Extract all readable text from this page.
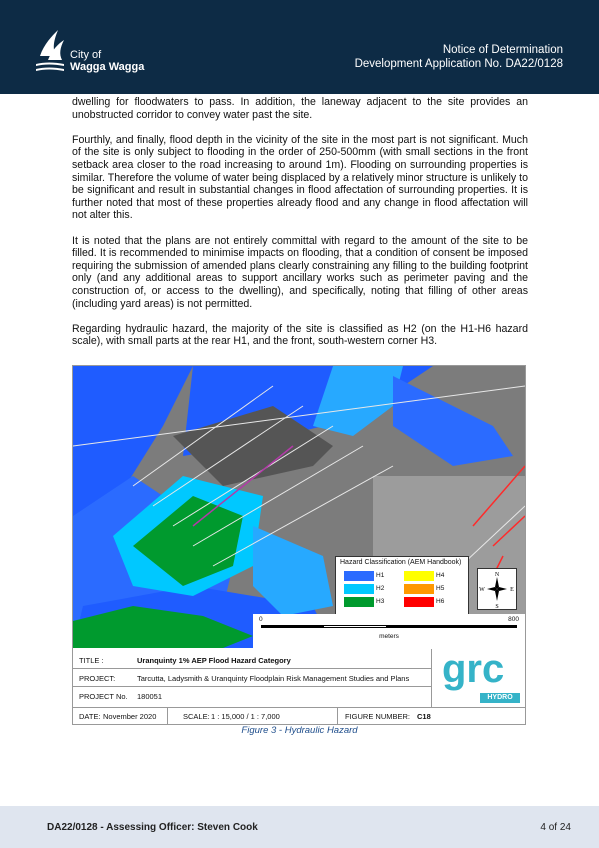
City of
Wagga Wagga
Notice of Determination
Development Application No. DA22/0128

dwelling for floodwaters to pass. In addition, the laneway adjacent to the site provides an unobstructed corridor to convey water past the site.

Fourthly, and finally, flood depth in the vicinity of the site in the most part is not significant. Much of the site is only subject to flooding in the order of 250-500mm (with small sections in the front setback area closer to the road increasing to around 1m). Flooding on surrounding properties is similar. Therefore the volume of water being displaced by a relatively minor structure is unlikely to be significant and result in substantial changes in flood affectation of surrounding properties. It is further noted that most of these properties already flood and any change in flood affectation will not alter this.

It is noted that the plans are not entirely committal with regard to the amount of the site to be filled. It is recommended to minimise impacts on flooding, that a condition of consent be imposed requiring the submission of amended plans clearly constraining any filling to the building footprint only (and any additional areas to support ancillary works such as perimeter paving and the construction of, or access to the dwelling), and specifically, noting that filling of other areas (including yard areas) is not permitted.

Regarding hydraulic hazard, the majority of the site is classified as H2 (on the H1-H6 hazard scale), with small parts at the rear H1, and the front, south-western corner H3.

Hazard Classification (AEM Handbook)
H1	H4
H2	H5
H3	H6
N
S
W	E
0	800
meters
TITLE :	Uranquinty 1% AEP Flood Hazard Category
PROJECT:	Tarcutta, Ladysmith & Uranquinty Floodplain Risk Management Studies and Plans
PROJECT No. 180051
DATE: November 2020	SCALE: 1 : 15,000 / 1 : 7,000	FIGURE NUMBER: C18
grc
HYDRO
Figure 3 - Hydraulic Hazard
DA22/0128 - Assessing Officer: Steven Cook	4 of 24
